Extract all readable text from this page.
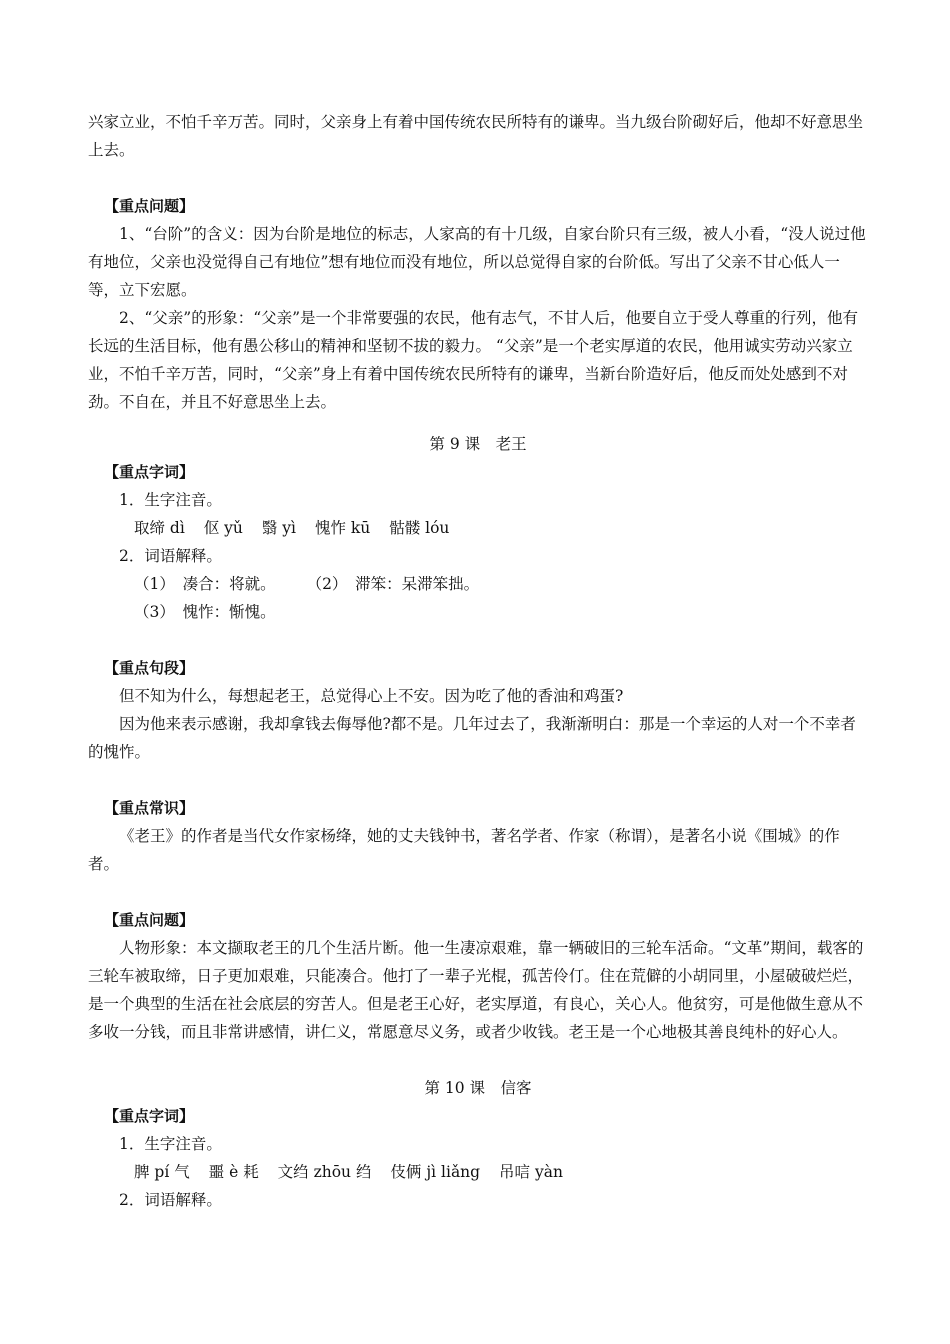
兴家立业，不怕千辛万苦。同时，父亲身上有着中国传统农民所特有的谦卑。当九级台阶砌好后，他却不好意思坐上去。

【重点问题】

1、“台阶”的含义：因为台阶是地位的标志，人家高的有十几级，自家台阶只有三级，被人小看，“没人说过他有地位，父亲也没觉得自己有地位”想有地位而没有地位，所以总觉得自家的台阶低。写出了父亲不甘心低人一等，立下宏愿。

2、“父亲”的形象：“父亲”是一个非常要强的农民，他有志气，不甘人后，他要自立于受人尊重的行列，他有长远的生活目标，他有愚公移山的精神和坚韧不拔的毅力。 “父亲”是一个老实厚道的农民，他用诚实劳动兴家立业，不怕千辛万苦，同时，“父亲”身上有着中国传统农民所特有的谦卑，当新台阶造好后，他反而处处感到不对劲。不自在，并且不好意思坐上去。

第 9 课　老王

【重点字词】

1．生字注音。

取缔 dì 伛 yǔ 翳 yì 愧怍 kū 骷髅 lóu

2．词语解释。

（1）　凑合：将就。 （2）　滞笨：呆滞笨拙。

（3）　愧怍：惭愧。

【重点句段】

但不知为什么，每想起老王，总觉得心上不安。因为吃了他的香油和鸡蛋?

因为他来表示感谢，我却拿钱去侮辱他?都不是。几年过去了，我渐渐明白：那是一个幸运的人对一个不幸者的愧怍。

【重点常识】

《老王》的作者是当代女作家杨绛，她的丈夫钱钟书，著名学者、作家（称谓），是著名小说《围城》的作者。

【重点问题】

人物形象：本文撷取老王的几个生活片断。他一生凄凉艰难，靠一辆破旧的三轮车活命。“文革”期间，载客的三轮车被取缔，日子更加艰难，只能凑合。他打了一辈子光棍，孤苦伶仃。住在荒僻的小胡同里，小屋破破烂烂，是一个典型的生活在社会底层的穷苦人。但是老王心好，老实厚道，有良心，关心人。他贫穷，可是他做生意从不多收一分钱，而且非常讲感情，讲仁义，常愿意尽义务，或者少收钱。老王是一个心地极其善良纯朴的好心人。

第 10 课　信客

【重点字词】

1．生字注音。

脾 pí 气 噩 è 耗 文绉 zhōu 绉 伎俩 jì liǎng 吊唁 yàn

2．词语解释。
